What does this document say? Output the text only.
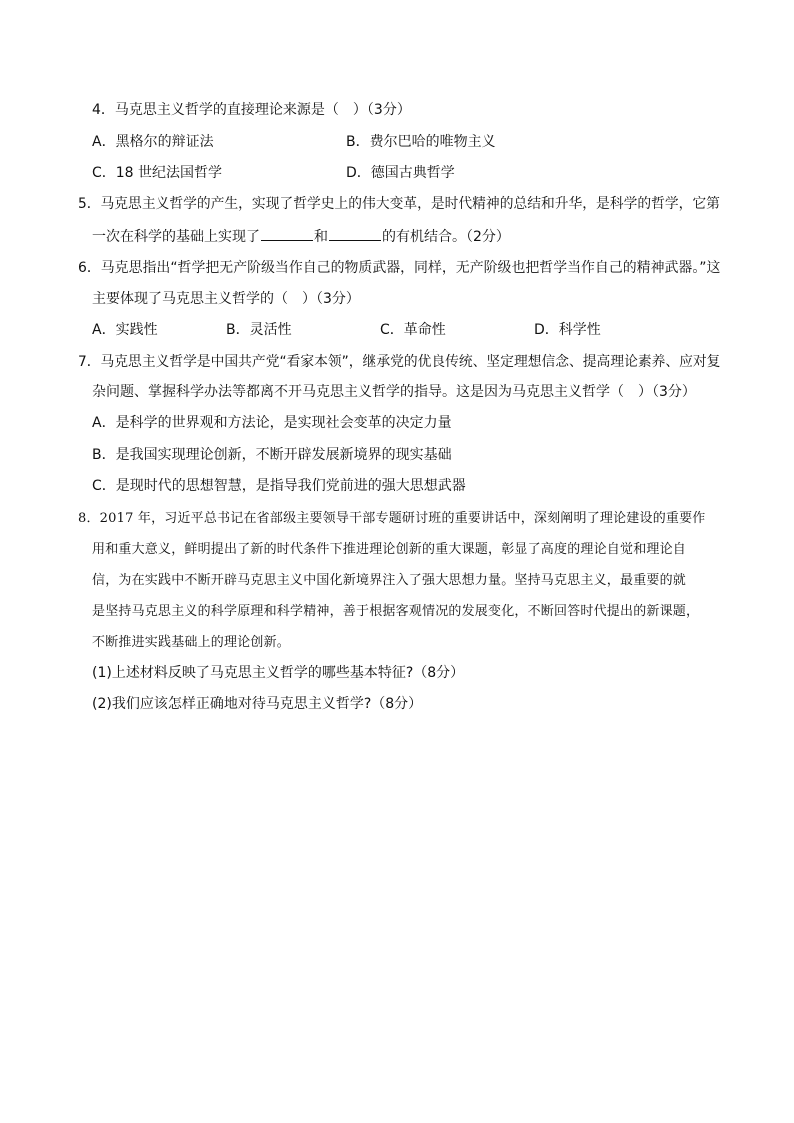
4．马克思主义哲学的直接理论来源是（　）（3分）
A．黑格尔的辩证法	B．费尔巴哈的唯物主义
C．18 世纪法国哲学	D．德国古典哲学
5．马克思主义哲学的产生，实现了哲学史上的伟大变革，是时代精神的总结和升华，是科学的哲学，它第
一次在科学的基础上实现了	和	的有机结合。（2分）
6．马克思指出“哲学把无产阶级当作自己的物质武器，同样，无产阶级也把哲学当作自己的精神武器。”这
主要体现了马克思主义哲学的（　）（3分）
A．实践性	B．灵活性	C．革命性	D．科学性
7．马克思主义哲学是中国共产党“看家本领”，继承党的优良传统、坚定理想信念、提高理论素养、应对复
杂问题、掌握科学办法等都离不开马克思主义哲学的指导。这是因为马克思主义哲学（　）（3分）
A．是科学的世界观和方法论，是实现社会变革的决定力量
B．是我国实现理论创新，不断开辟发展新境界的现实基础
C．是现时代的思想智慧，是指导我们党前进的强大思想武器
8．2017 年，习近平总书记在省部级主要领导干部专题研讨班的重要讲话中，深刻阐明了理论建设的重要作
用和重大意义，鲜明提出了新的时代条件下推进理论创新的重大课题，彰显了高度的理论自觉和理论自
信，为在实践中不断开辟马克思主义中国化新境界注入了强大思想力量。坚持马克思主义，最重要的就
是坚持马克思主义的科学原理和科学精神，善于根据客观情况的发展变化，不断回答时代提出的新课题，
不断推进实践基础上的理论创新。
(1)上述材料反映了马克思主义哲学的哪些基本特征?（8分）
(2)我们应该怎样正确地对待马克思主义哲学?（8分）
